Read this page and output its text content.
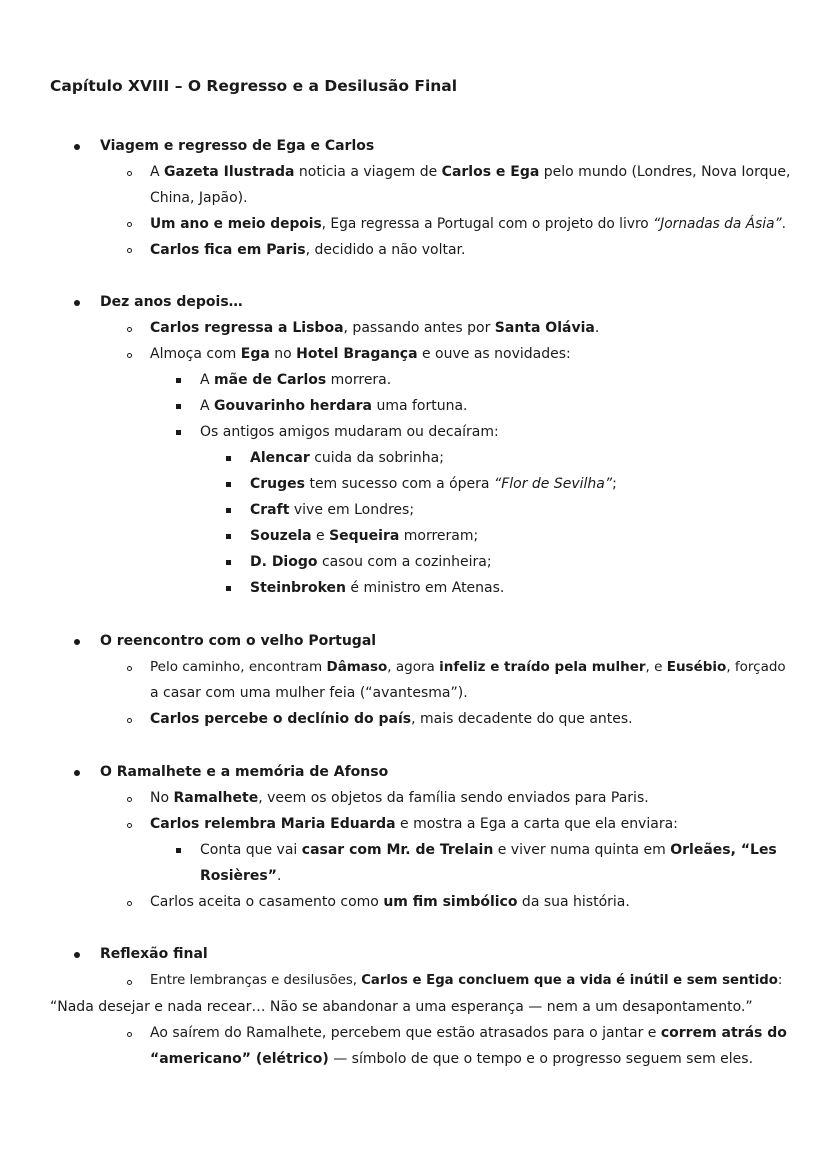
Capítulo XVIII – O Regresso e a Desilusão Final
Viagem e regresso de Ega e Carlos
A Gazeta Ilustrada noticia a viagem de Carlos e Ega pelo mundo (Londres, Nova Iorque,
China, Japão).
Um ano e meio depois, Ega regressa a Portugal com o projeto do livro “Jornadas da Ásia”.
Carlos fica em Paris, decidido a não voltar.
Dez anos depois…
Carlos regressa a Lisboa, passando antes por Santa Olávia.
Almoça com Ega no Hotel Bragança e ouve as novidades:
A mãe de Carlos morrera.
A Gouvarinho herdara uma fortuna.
Os antigos amigos mudaram ou decaíram:
Alencar cuida da sobrinha;
Cruges tem sucesso com a ópera “Flor de Sevilha”;
Craft vive em Londres;
Souzela e Sequeira morreram;
D. Diogo casou com a cozinheira;
Steinbroken é ministro em Atenas.
O reencontro com o velho Portugal
Pelo caminho, encontram Dâmaso, agora infeliz e traído pela mulher, e Eusébio, forçado
a casar com uma mulher feia (“avantesma”).
Carlos percebe o declínio do país, mais decadente do que antes.
O Ramalhete e a memória de Afonso
No Ramalhete, veem os objetos da família sendo enviados para Paris.
Carlos relembra Maria Eduarda e mostra a Ega a carta que ela enviara:
Conta que vai casar com Mr. de Trelain e viver numa quinta em Orleães, “Les
Rosières”.
Carlos aceita o casamento como um fim simbólico da sua história.
Reflexão final
Entre lembranças e desilusões, Carlos e Ega concluem que a vida é inútil e sem sentido:
“Nada desejar e nada recear… Não se abandonar a uma esperança — nem a um desapontamento.”
Ao saírem do Ramalhete, percebem que estão atrasados para o jantar e correm atrás do
“americano” (elétrico) — símbolo de que o tempo e o progresso seguem sem eles.
